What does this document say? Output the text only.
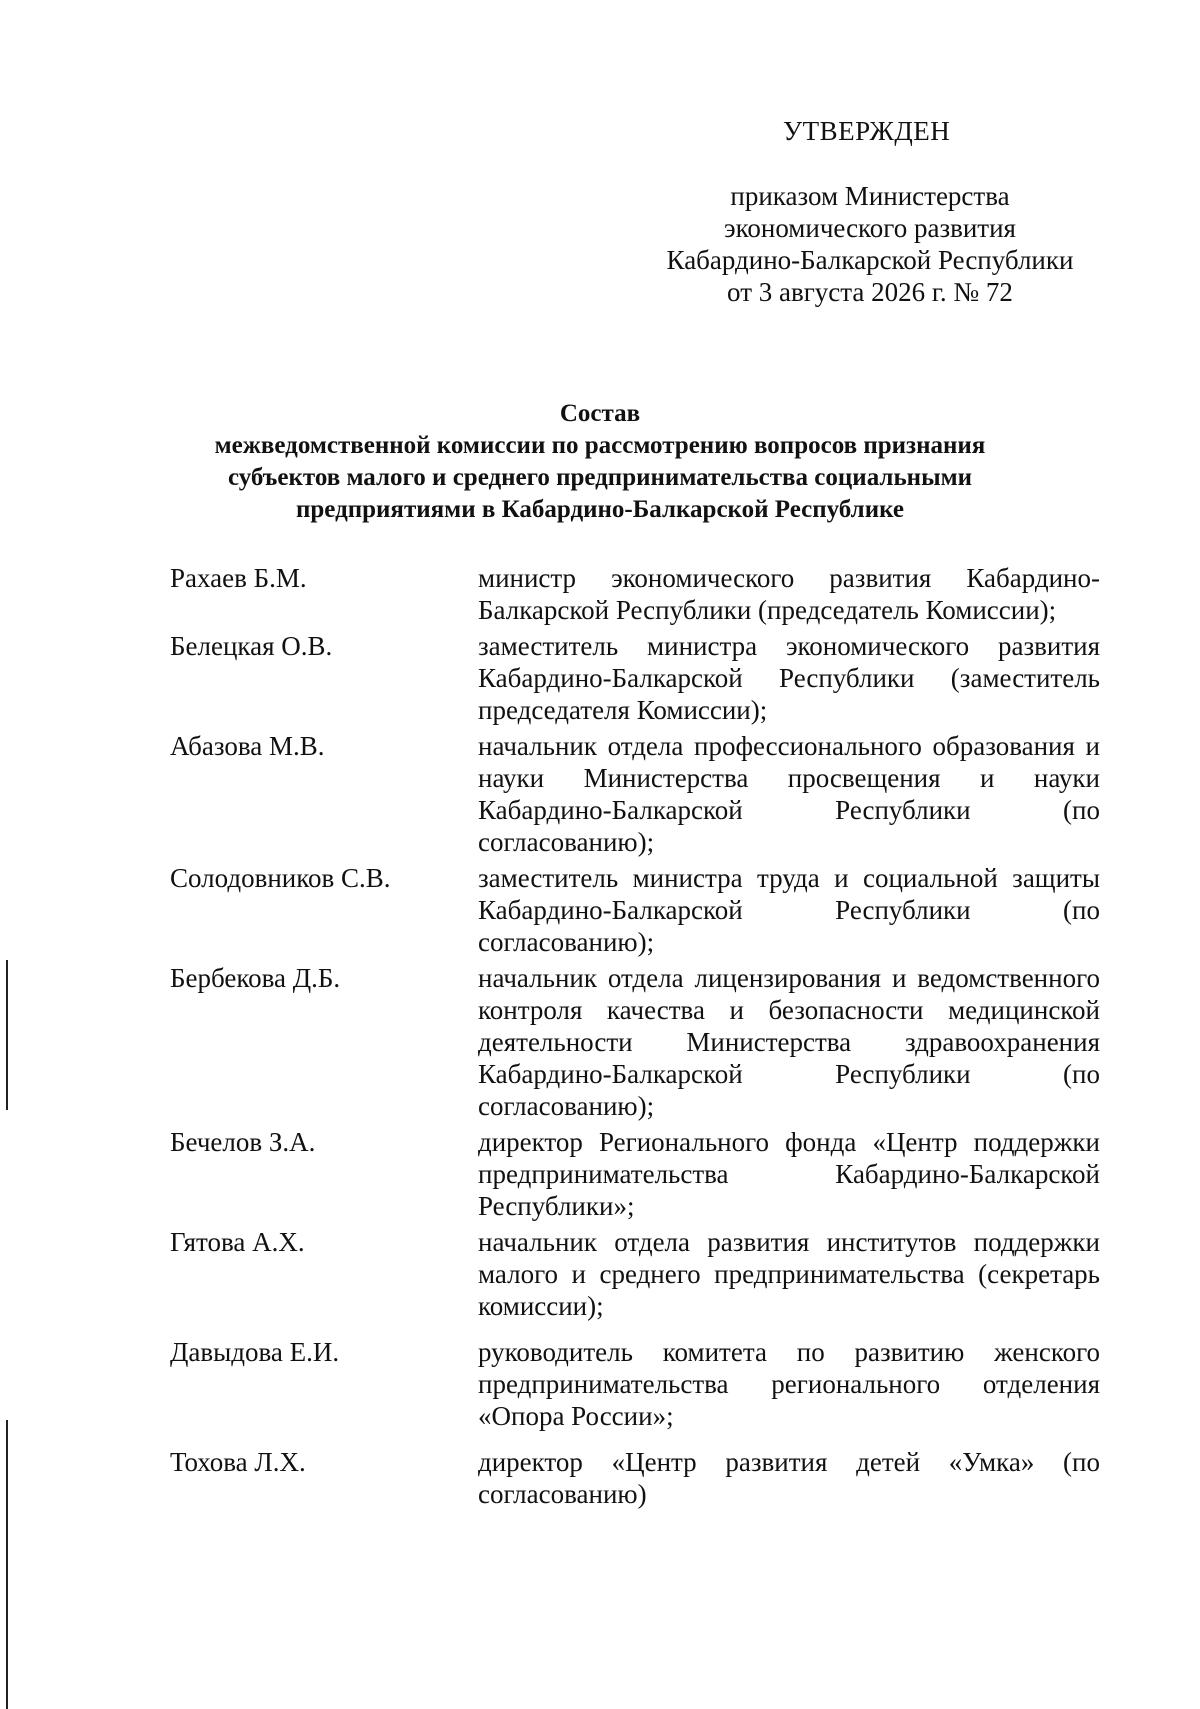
УТВЕРЖДЕН
приказом Министерства
экономического развития
Кабардино-Балкарской Республики
от 3 августа 2026 г. № 72
Состав
межведомственной комиссии по рассмотрению вопросов признания
субъектов малого и среднего предпринимательства социальными
предприятиями в Кабардино-Балкарской Республике
Рахаев Б.М.	министр экономического развития Кабардино-Балкарской Республики (председатель Комиссии);
Белецкая О.В.	заместитель министра экономического развития Кабардино-Балкарской Республики (заместитель председателя Комиссии);
Абазова М.В.	начальник отдела профессионального образования и науки Министерства просвещения и науки Кабардино-Балкарской Республики (по согласованию);
Солодовников С.В.	заместитель министра труда и социальной защиты Кабардино-Балкарской Республики (по согласованию);
Бербекова Д.Б.	начальник отдела лицензирования и ведомственного контроля качества и безопасности медицинской деятельности Министерства здравоохранения Кабардино-Балкарской Республики (по согласованию);
Бечелов З.А.	директор Регионального фонда «Центр поддержки предпринимательства Кабардино-Балкарской Республики»;
Гятова А.Х.	начальник отдела развития институтов поддержки малого и среднего предпринимательства (секретарь комиссии);
Давыдова Е.И.	руководитель комитета по развитию женского предпринимательства регионального отделения «Опора России»;
Тохова Л.Х.	директор «Центр развития детей «Умка» (по согласованию)
